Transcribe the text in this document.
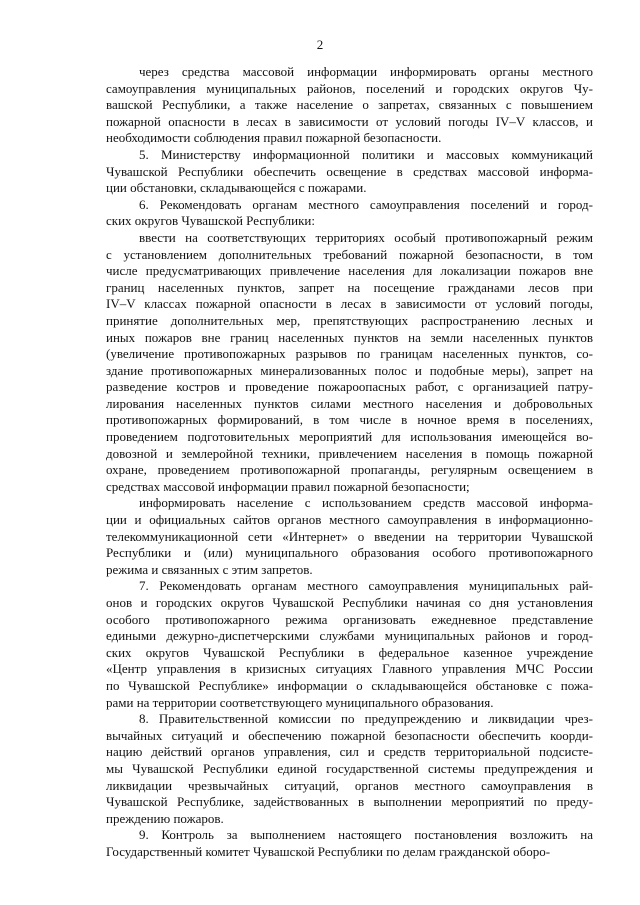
2
через средства массовой информации информировать органы местного
самоуправления муниципальных районов, поселений и городских округов Чу-
вашской Республики, а также население о запретах, связанных с повышением
пожарной опасности в лесах в зависимости от условий погоды IV–V классов, и
необходимости соблюдения правил пожарной безопасности.
5. Министерству информационной политики и массовых коммуникаций
Чувашской Республики обеспечить освещение в средствах массовой информа-
ции обстановки, складывающейся с пожарами.
6. Рекомендовать органам местного самоуправления поселений и город-
ских округов Чувашской Республики:
ввести на соответствующих территориях особый противопожарный режим
с установлением дополнительных требований пожарной безопасности, в том
числе предусматривающих привлечение населения для локализации пожаров вне
границ населенных пунктов, запрет на посещение гражданами лесов при
IV–V классах пожарной опасности в лесах в зависимости от условий погоды,
принятие дополнительных мер, препятствующих распространению лесных и
иных пожаров вне границ населенных пунктов на земли населенных пунктов
(увеличение противопожарных разрывов по границам населенных пунктов, со-
здание противопожарных минерализованных полос и подобные меры), запрет на
разведение костров и проведение пожароопасных работ, с организацией патру-
лирования населенных пунктов силами местного населения и добровольных
противопожарных формирований, в том числе в ночное время в поселениях,
проведением подготовительных мероприятий для использования имеющейся во-
довозной и землеройной техники, привлечением населения в помощь пожарной
охране, проведением противопожарной пропаганды, регулярным освещением в
средствах массовой информации правил пожарной безопасности;
информировать население с использованием средств массовой информа-
ции и официальных сайтов органов местного самоуправления в информационно-
телекоммуникационной сети «Интернет» о введении на территории Чувашской
Республики и (или) муниципального образования особого противопожарного
режима и связанных с этим запретов.
7. Рекомендовать органам местного самоуправления муниципальных рай-
онов и городских округов Чувашской Республики начиная со дня установления
особого противопожарного режима организовать ежедневное представление
едиными дежурно-диспетчерскими службами муниципальных районов и город-
ских округов Чувашской Республики в федеральное казенное учреждение
«Центр управления в кризисных ситуациях Главного управления МЧС России
по Чувашской Республике» информации о складывающейся обстановке с пожа-
рами на территории соответствующего муниципального образования.
8. Правительственной комиссии по предупреждению и ликвидации чрез-
вычайных ситуаций и обеспечению пожарной безопасности обеспечить коорди-
нацию действий органов управления, сил и средств территориальной подсисте-
мы Чувашской Республики единой государственной системы предупреждения и
ликвидации чрезвычайных ситуаций, органов местного самоуправления в
Чувашской Республике, задействованных в выполнении мероприятий по преду-
преждению пожаров.
9. Контроль за выполнением настоящего постановления возложить на
Государственный комитет Чувашской Республики по делам гражданской оборо-
